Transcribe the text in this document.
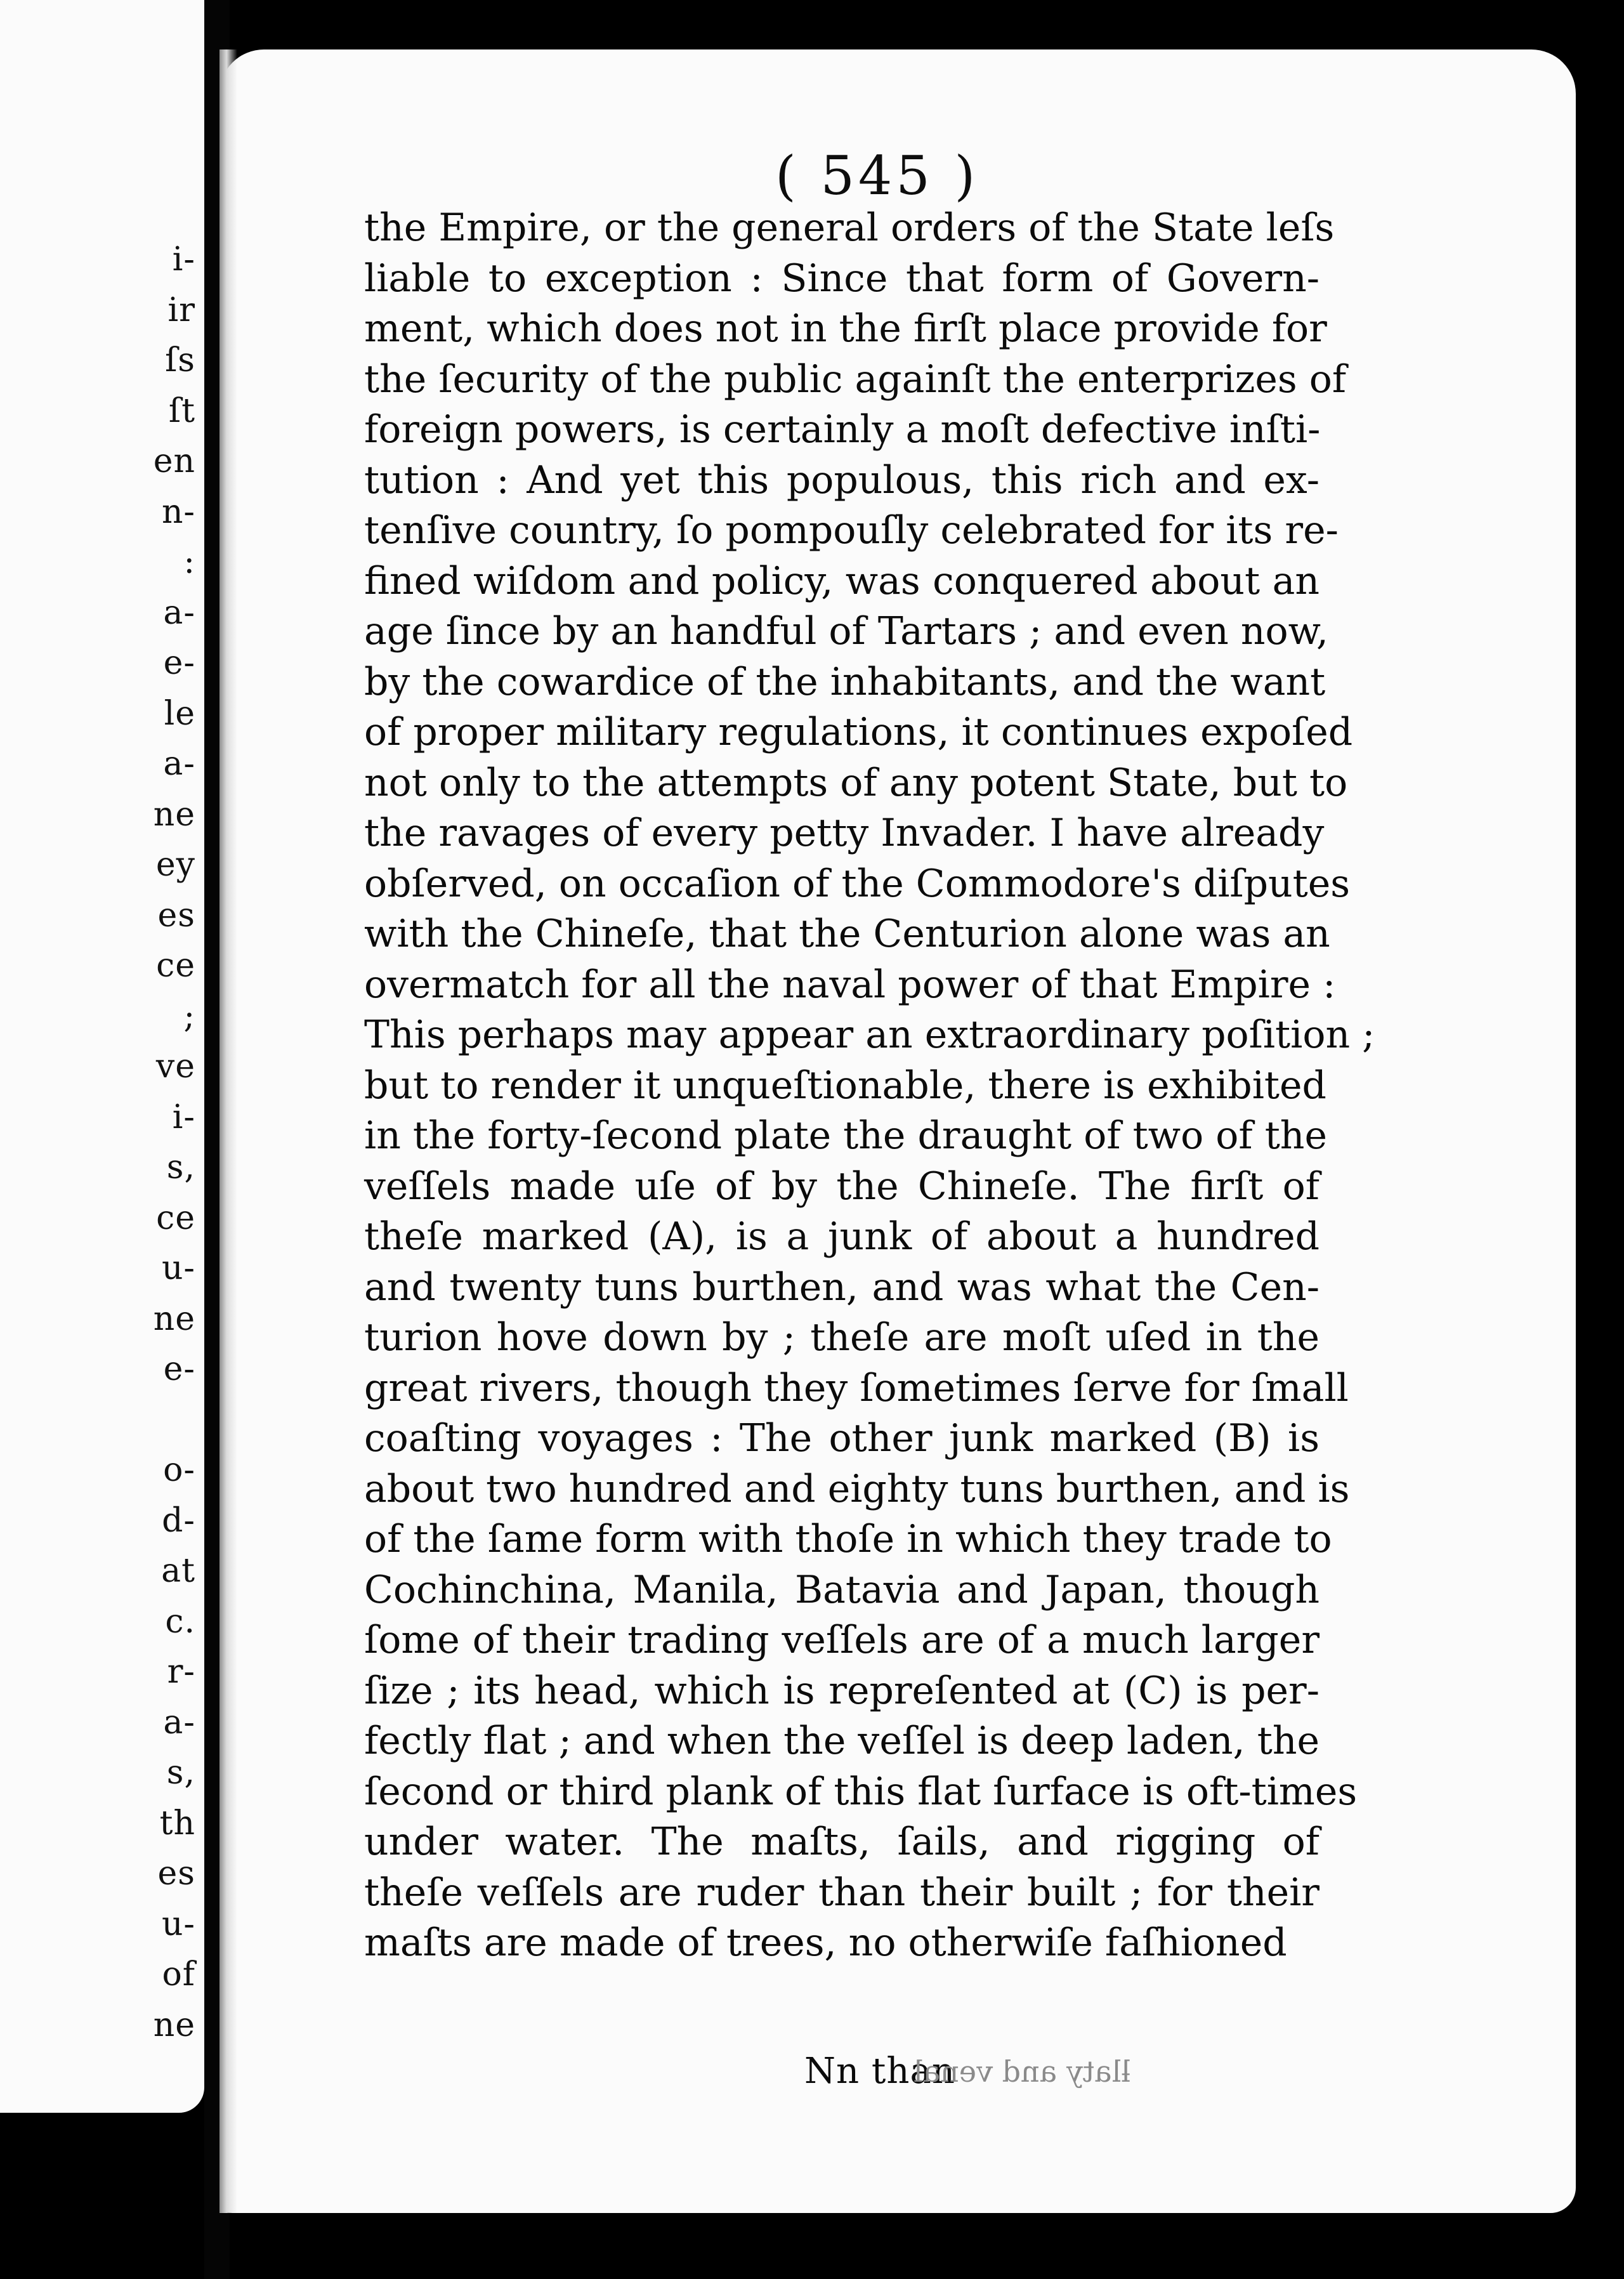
i-
ir
ſs
ſt
en
n-
:
a-
e-
le
a-
ne
ey
es
ce
;
ve
i-
s,
ce
u-
ne
e-
o-
d-
at
c.
r-
a-
s,
th
es
u-
of
ne
( 545 )
the Empire, or the general orders of the State leſs
liable to exception : Since that form of Govern-
ment, which does not in the firſt place provide for
the ſecurity of the public againſt the enterprizes of
foreign powers, is certainly a moſt defective inſti-
tution : And yet this populous, this rich and ex-
tenſive country, ſo pompouſly celebrated for its re-
fined wiſdom and policy, was conquered about an
age ſince by an handful of Tartars ; and even now,
by the cowardice of the inhabitants, and the want
of proper military regulations, it continues expoſed
not only to the attempts of any potent State, but to
the ravages of every petty Invader. I have already
obſerved, on occaſion of the Commodore's diſputes
with the Chineſe, that the Centurion alone was an
overmatch for all the naval power of that Empire :
This perhaps may appear an extraordinary poſition ;
but to render it unqueſtionable, there is exhibited
in the forty-ſecond plate the draught of two of the
veſſels made uſe of by the Chineſe. The firſt of
theſe marked (A), is a junk of about a hundred
and twenty tuns burthen, and was what the Cen-
turion hove down by ; theſe are moſt uſed in the
great rivers, though they ſometimes ſerve for ſmall
coaſting voyages : The other junk marked (B) is
about two hundred and eighty tuns burthen, and is
of the ſame form with thoſe in which they trade to
Cochinchina, Manila, Batavia and Japan, though
ſome of their trading veſſels are of a much larger
ſize ; its head, which is repreſented at (C) is per-
fectly flat ; and when the veſſel is deep laden, the
ſecond or third plank of this flat ſurface is oft-times
under water. The maſts, ſails, and rigging of
theſe veſſels are ruder than their built ; for their
maſts are made of trees, no otherwiſe faſhioned
Nn than
ƚlaty and venal
